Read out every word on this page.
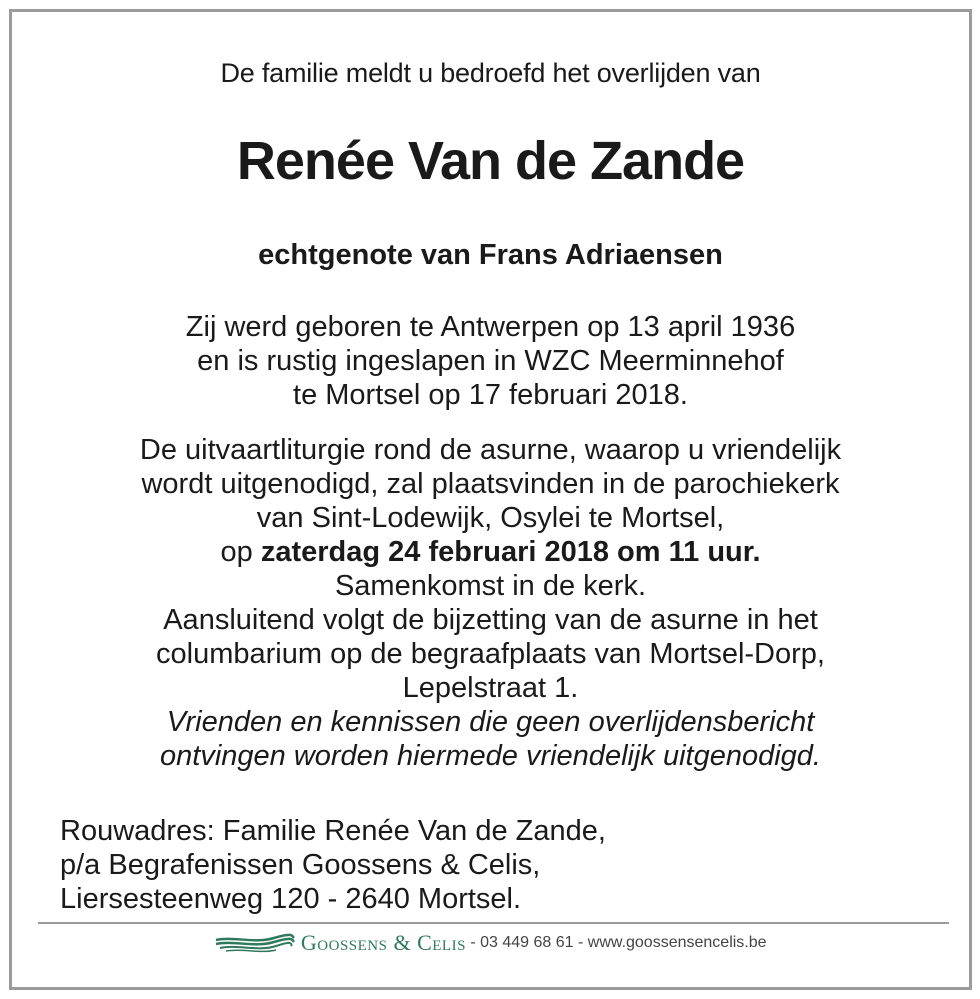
De familie meldt u bedroefd het overlijden van
Renée Van de Zande
echtgenote van Frans Adriaensen
Zij werd geboren te Antwerpen op 13 april 1936
en is rustig ingeslapen in WZC Meerminnehof
te Mortsel op 17 februari 2018.
De uitvaartliturgie rond de asurne, waarop u vriendelijk
wordt uitgenodigd, zal plaatsvinden in de parochiekerk
van Sint-Lodewijk, Osylei te Mortsel,
op zaterdag 24 februari 2018 om 11 uur.
Samenkomst in de kerk.
Aansluitend volgt de bijzetting van de asurne in het
columbarium op de begraafplaats van Mortsel-Dorp,
Lepelstraat 1.
Vrienden en kennissen die geen overlijdensbericht
ontvingen worden hiermede vriendelijk uitgenodigd.
Rouwadres: Familie Renée Van de Zande,
p/a Begrafenissen Goossens & Celis,
Liersesteenweg 120 - 2640 Mortsel.
Goossens & Celis - 03 449 68 61 - www.goossensencelis.be
